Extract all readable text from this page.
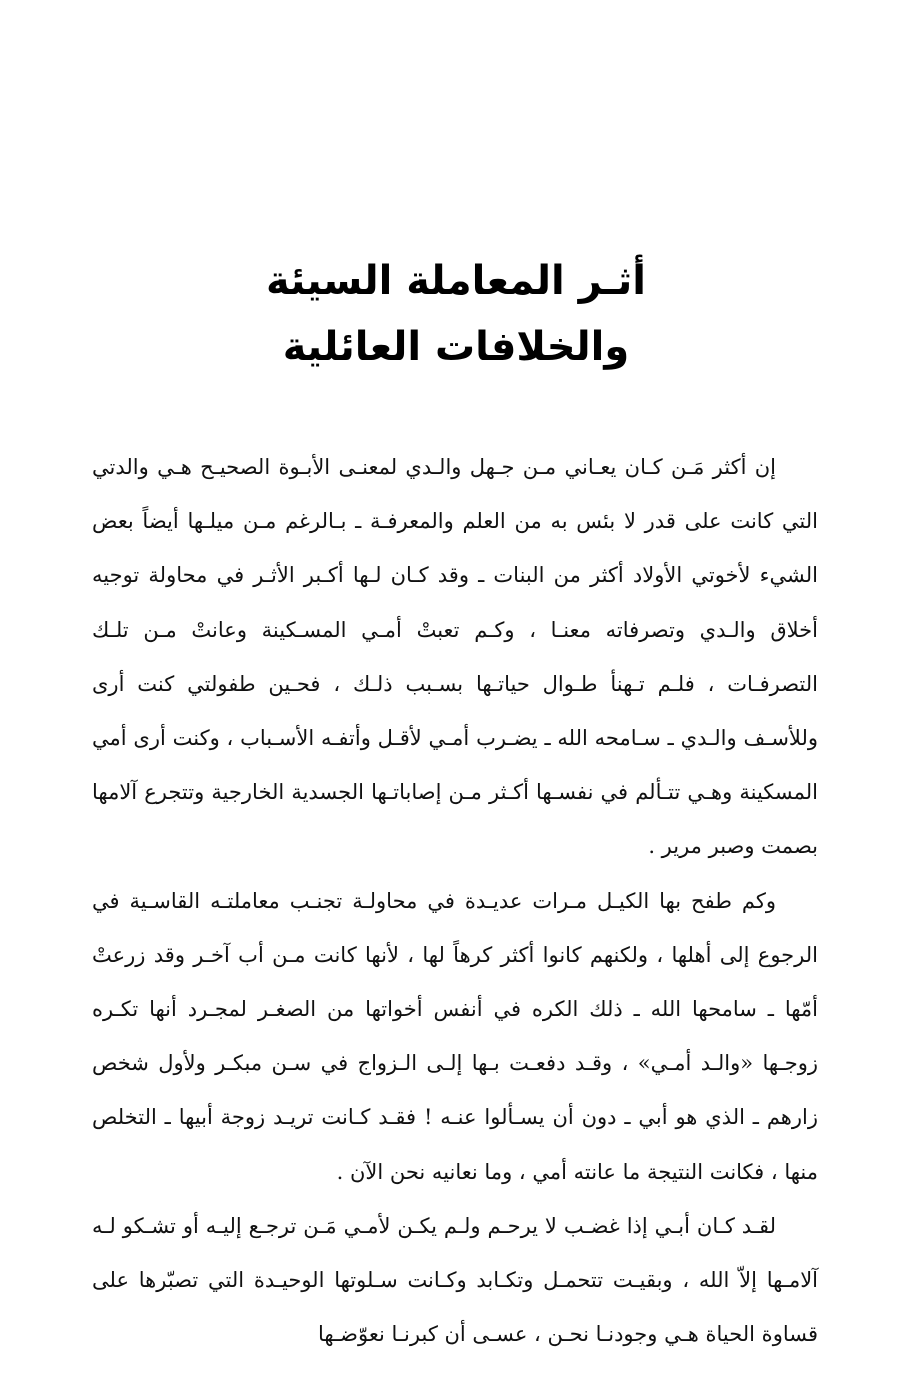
أثـر المعاملة السيئة
والخلافات العائلية

إن أكثر مَـن كـان يعـاني مـن جـهل والـدي لمعنـى الأبـوة الصحيـح هـي والدتي التي كانت على قدر لا بئس به من العلم والمعرفـة ـ بـالرغم مـن ميلـها أيضاً بعض الشيء لأخوتي الأولاد أكثر من البنات ـ وقد كـان لـها أكـبر الأثـر في محاولة توجيه أخلاق والـدي وتصرفاته معنـا ، وكـم تعبتْ أمـي المسـكينة وعانتْ مـن تلـك التصرفـات ، فلـم تـهنأ طـوال حياتـها بسـبب ذلـك ، فحـين طفولتي كنت أرى وللأسـف والـدي ـ سـامحه الله ـ يضـرب أمـي لأقـل وأتفـه الأسـباب ، وكنت أرى أمي المسكينة وهـي تتـألم في نفسـها أكـثر مـن إصاباتـها الجسدية الخارجية وتتجرع آلامها بصمت وصبر مرير .

وكم طفح بها الكيـل مـرات عديـدة في محاولـة تجنـب معاملتـه القاسـية في الرجوع إلى أهلها ، ولكنهم كانوا أكثر كرهاً لها ، لأنها كانت مـن أب آخـر وقد زرعتْ أمّها ـ سامحها الله ـ ذلك الكره في أنفس أخواتها من الصغـر لمجـرد أنها تكـره زوجـها «والـد أمـي» ، وقـد دفعـت بـها إلـى الـزواج في سـن مبكـر ولأول شخص زارهم ـ الذي هو أبي ـ دون أن يسـألوا عنـه ! فقـد كـانت تريـد زوجة أبيها ـ التخلص منها ، فكانت النتيجة ما عانته أمي ، وما نعانيه نحن الآن .

لقـد كـان أبـي إذا غضـب لا يرحـم ولـم يكـن لأمـي مَـن ترجـع إليـه أو تشـكو لـه آلامـها إلاّ الله ، وبقيـت تتحمـل وتكـابد وكـانت سـلوتها الوحيـدة التي تصبّرها على قساوة الحياة هـي وجودنـا نحـن ، عسـى أن كبرنـا نعوّضـها
